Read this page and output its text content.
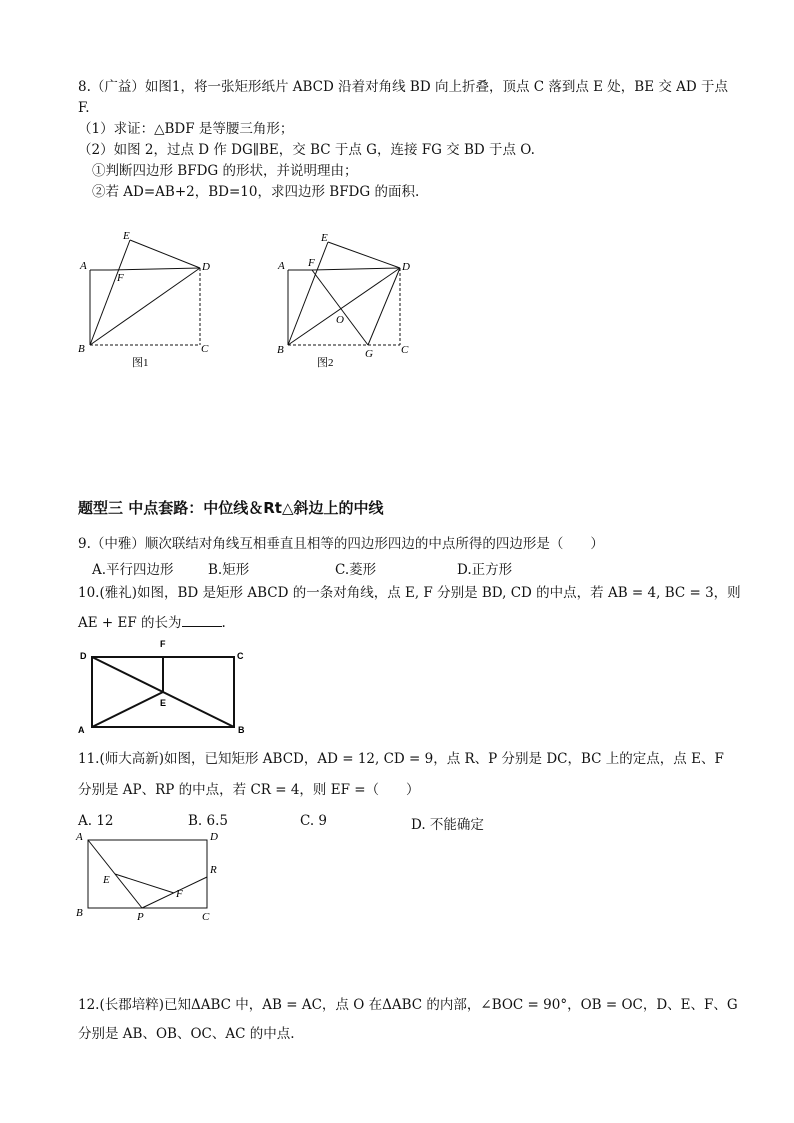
8.（广益）如图1，将一张矩形纸片 ABCD 沿着对角线 BD 向上折叠，顶点 C 落到点 E 处，BE 交 AD 于点
F.
（1）求证：△BDF 是等腰三角形；
（2）如图 2，过点 D 作 DG∥BE，交 BC 于点 G，连接 FG 交 BD 于点 O.
①判断四边形 BFDG 的形状，并说明理由；
②若 AD=AB+2，BD=10，求四边形 BFDG 的面积.
E
A
F
D
B	C
图1
E
A F	D
O
B	G	C
图2
题型三 中点套路：中位线＆Rt△斜边上的中线
9.（中雅）顺次联结对角线互相垂直且相等的四边形四边的中点所得的四边形是（　　）
A.平行四边形	B.矩形	C.菱形	D.正方形
10.(雅礼)如图，BD 是矩形 ABCD 的一条对角线，点 E, F 分别是 BD, CD 的中点，若 AB = 4, BC = 3，则
AE + EF 的长为	.
D
F
C
E
A	B
11.(师大高新)如图，已知矩形 ABCD，AD = 12, CD = 9，点 R、P 分别是 DC，BC 上的定点，点 E、F
分别是 AP、RP 的中点，若 CR = 4，则 EF =（　　）
A. 12	B. 6.5	C. 9	D. 不能确定
A	D
E
R
F
B	P	C
12.(长郡培粹)已知ΔABC 中，AB = AC，点 O 在ΔABC 的内部，∠BOC = 90°，OB = OC，D、E、F、G
分别是 AB、OB、OC、AC 的中点.
